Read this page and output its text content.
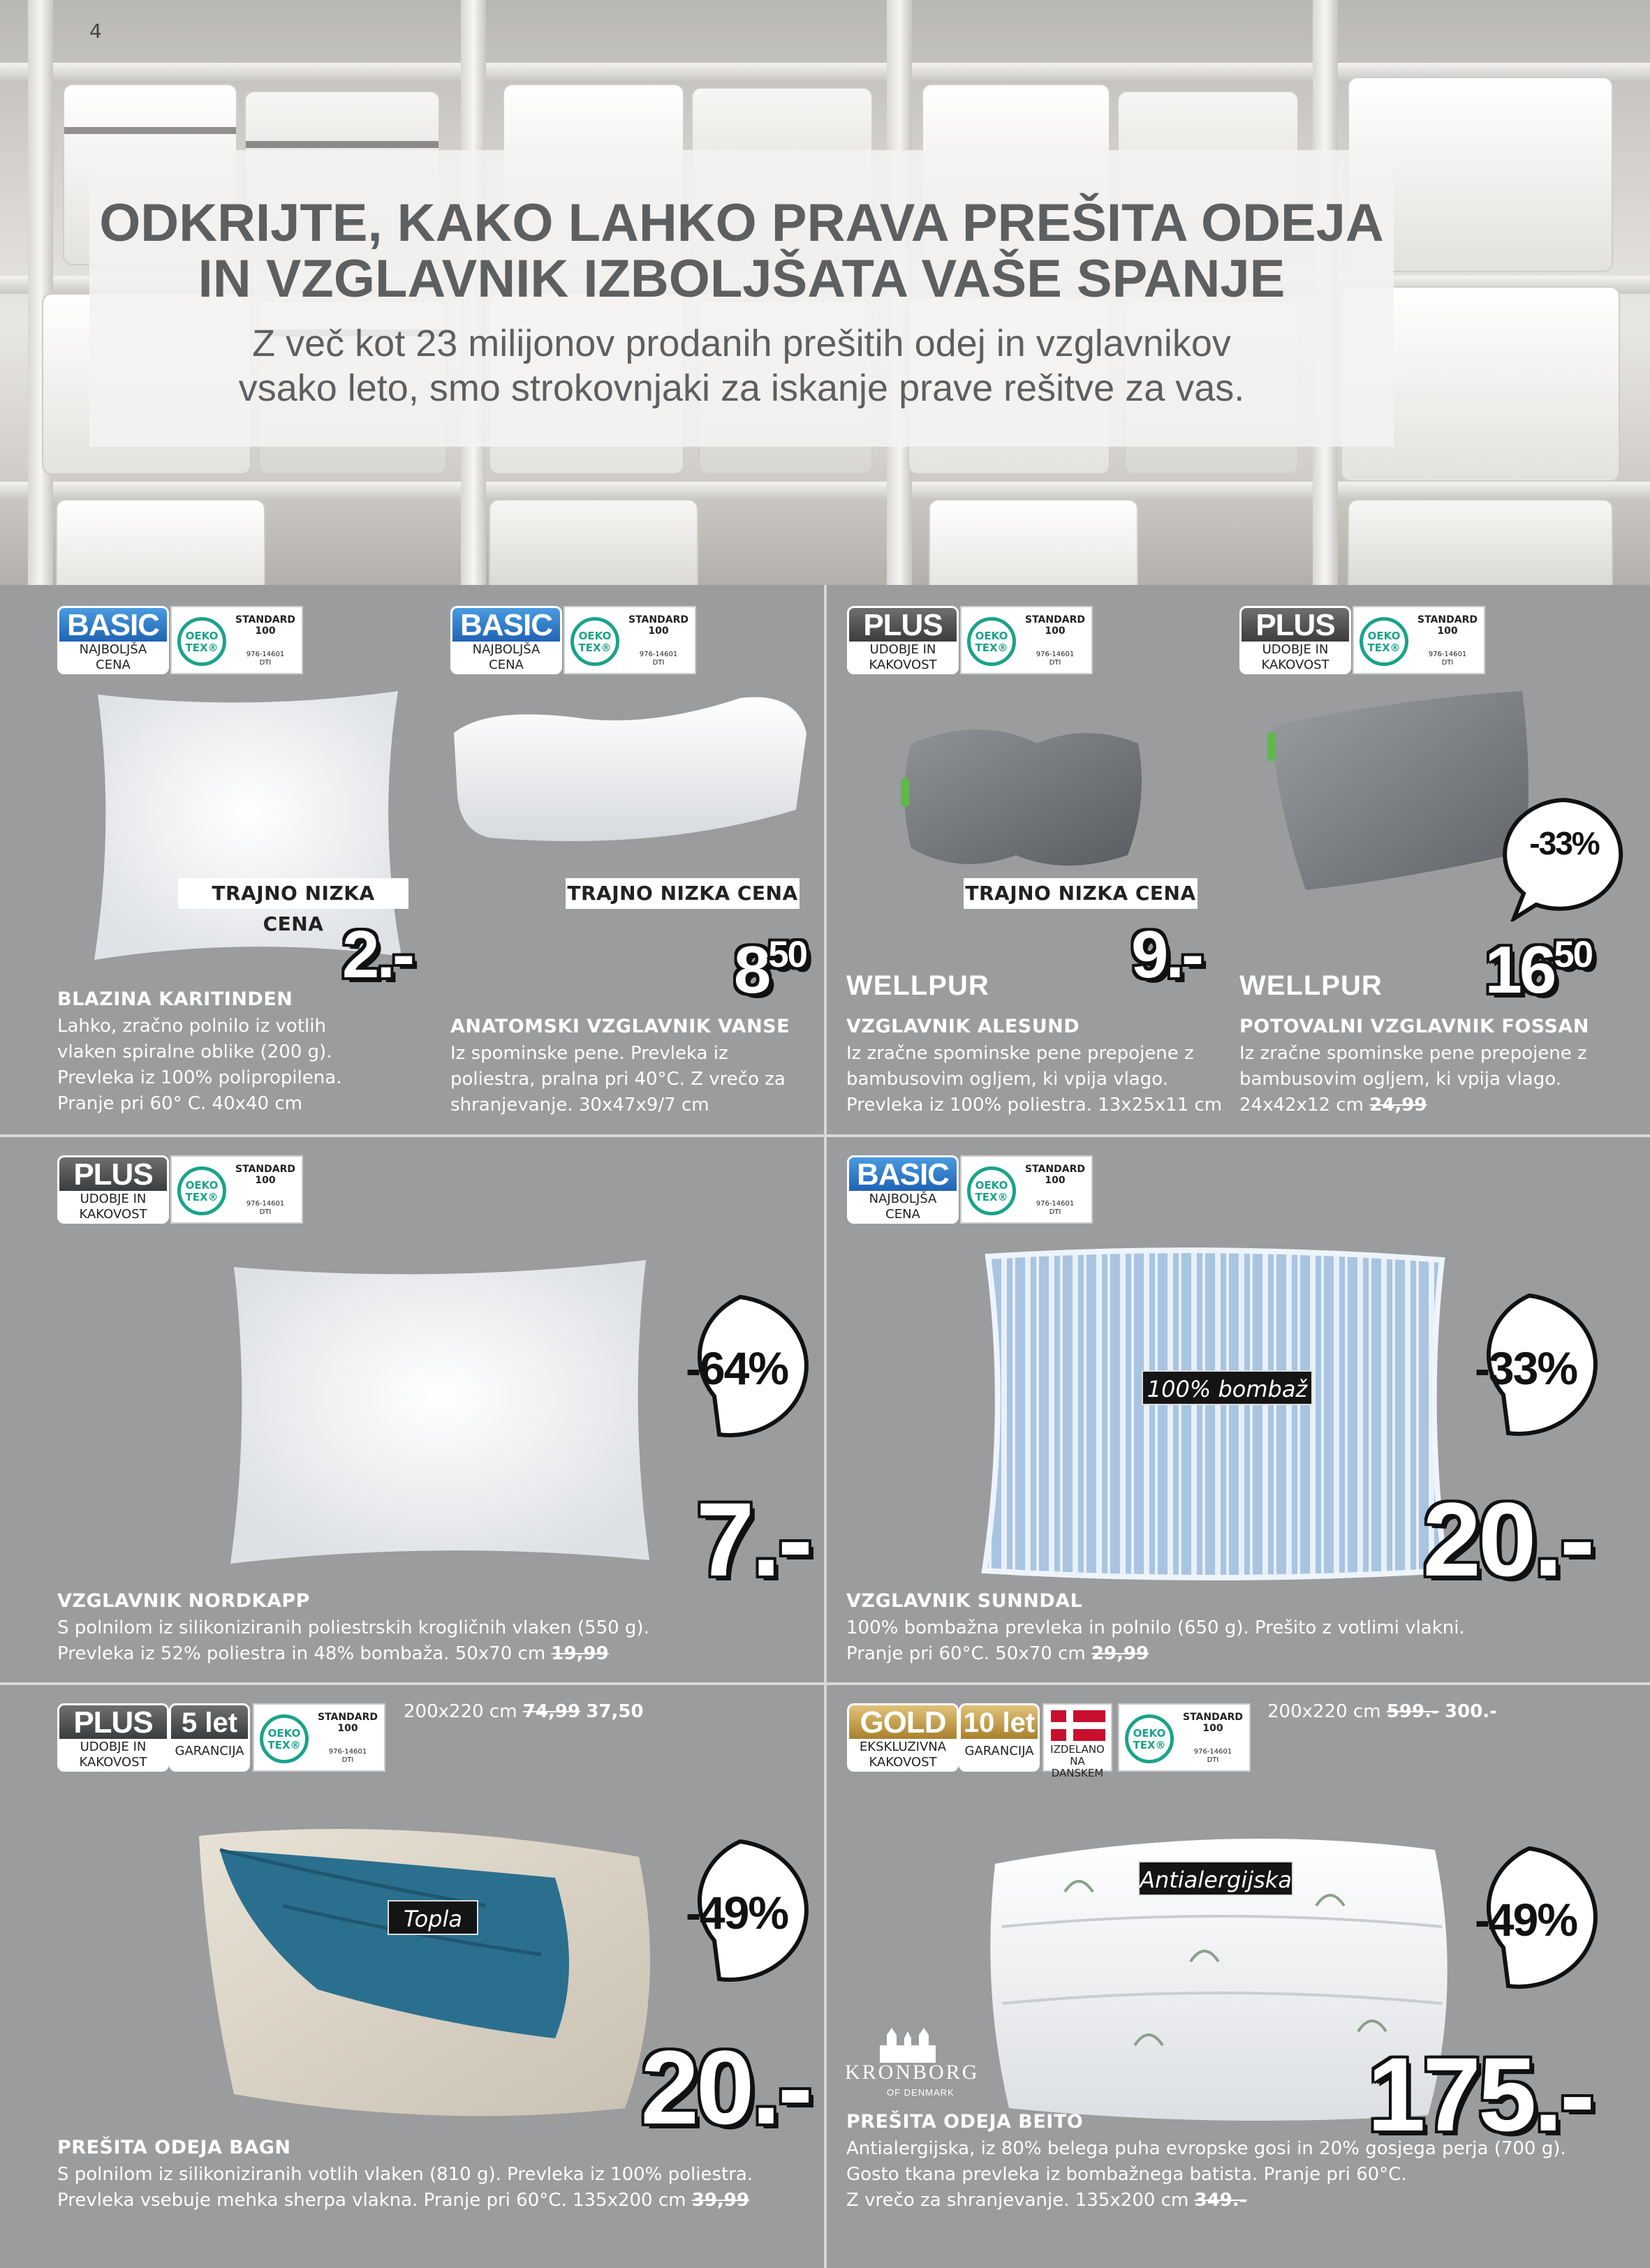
4
ODKRIJTE, KAKO LAHKO PRAVA PREŠITA ODEJA
IN VZGLAVNIK IZBOLJŠATA VAŠE SPANJE
Z več kot 23 milijonov prodanih prešitih odej in vzglavnikov
vsako leto, smo strokovnjaki za iskanje prave rešitve za vas.
BASIC
NAJBOLJŠA
CENA
OEKO
TEX®
STANDARD
100
976-14601
DTI
TRAJNO NIZKA CENA 2.-
BLAZINA KARITINDEN
Lahko, zračno polnilo iz votlih
vlaken spiralne oblike (200 g).
Prevleka iz 100% polipropilena.
Pranje pri 60° C. 40x40 cm
BASIC
NAJBOLJŠA
CENA
OEKO
TEX®
STANDARD
100
976-14601
DTI
TRAJNO NIZKA CENA
$8^{50}$
ANATOMSKI VZGLAVNIK VANSE
Iz spominske pene. Prevleka iz
poliestra, pralna pri 40°C. Z vrečo za
shranjevanje. 30x47x9/7 cm
PLUS
UDOBJE IN
KAKOVOST
OEKO
TEX®
STANDARD
100
976-14601
DTI
TRAJNO NIZKA CENA
9.-
WELLPUR
VZGLAVNIK ALESUND
Iz zračne spominske pene prepojene z
bambusovim ogljem, ki vpija vlago.
Prevleka iz 100% poliestra. 13x25x11 cm
PLUS
UDOBJE IN
KAKOVOST
OEKO
TEX®
STANDARD
100
976-14601
DTI
-33%
$16^{50}$
WELLPUR
POTOVALNI VZGLAVNIK FOSSAN
Iz zračne spominske pene prepojene z
bambusovim ogljem, ki vpija vlago.
24x42x12 cm 24,99
PLUS
UDOBJE IN
KAKOVOST
OEKO
TEX®
STANDARD
100
976-14601
DTI
-64%
7.-
VZGLAVNIK NORDKAPP
S polnilom iz silikoniziranih poliestrskih krogličnih vlaken (550 g).
Prevleka iz 52% poliestra in 48% bombaža. 50x70 cm 19,99
BASIC
NAJBOLJŠA
CENA
OEKO
TEX®
STANDARD
100
976-14601
DTI
100% bombaž	-33%
20.-
VZGLAVNIK SUNNDAL
100% bombažna prevleka in polnilo (650 g). Prešito z votlimi vlakni.
Pranje pri 60°C. 50x70 cm 29,99
PLUS
UDOBJE IN
KAKOVOST
5 let
GARANCIJA
OEKO
TEX®
STANDARD
100
976-14601
DTI
200x220 cm 74,99 37,50
Topla	-49%
20.-
PREŠITA ODEJA BAGN
S polnilom iz silikoniziranih votlih vlaken (810 g). Prevleka iz 100% poliestra.
Prevleka vsebuje mehka sherpa vlakna. Pranje pri 60°C. 135x200 cm 39,99
GOLD
EKSKLUZIVNA
KAKOVOST
10 let
GARANCIJA	IZDELANO
NA DANSKEM
OEKO
TEX®
STANDARD
100
976-14601
DTI
200x220 cm 599.- 300.-
Antialergijska
-49%
175.-
KRONBORG
OF DENMARK
PREŠITA ODEJA BEITO
Antialergijska, iz 80% belega puha evropske gosi in 20% gosjega perja (700 g).
Gosto tkana prevleka iz bombažnega batista. Pranje pri 60°C.
Z vrečo za shranjevanje. 135x200 cm 349.-
